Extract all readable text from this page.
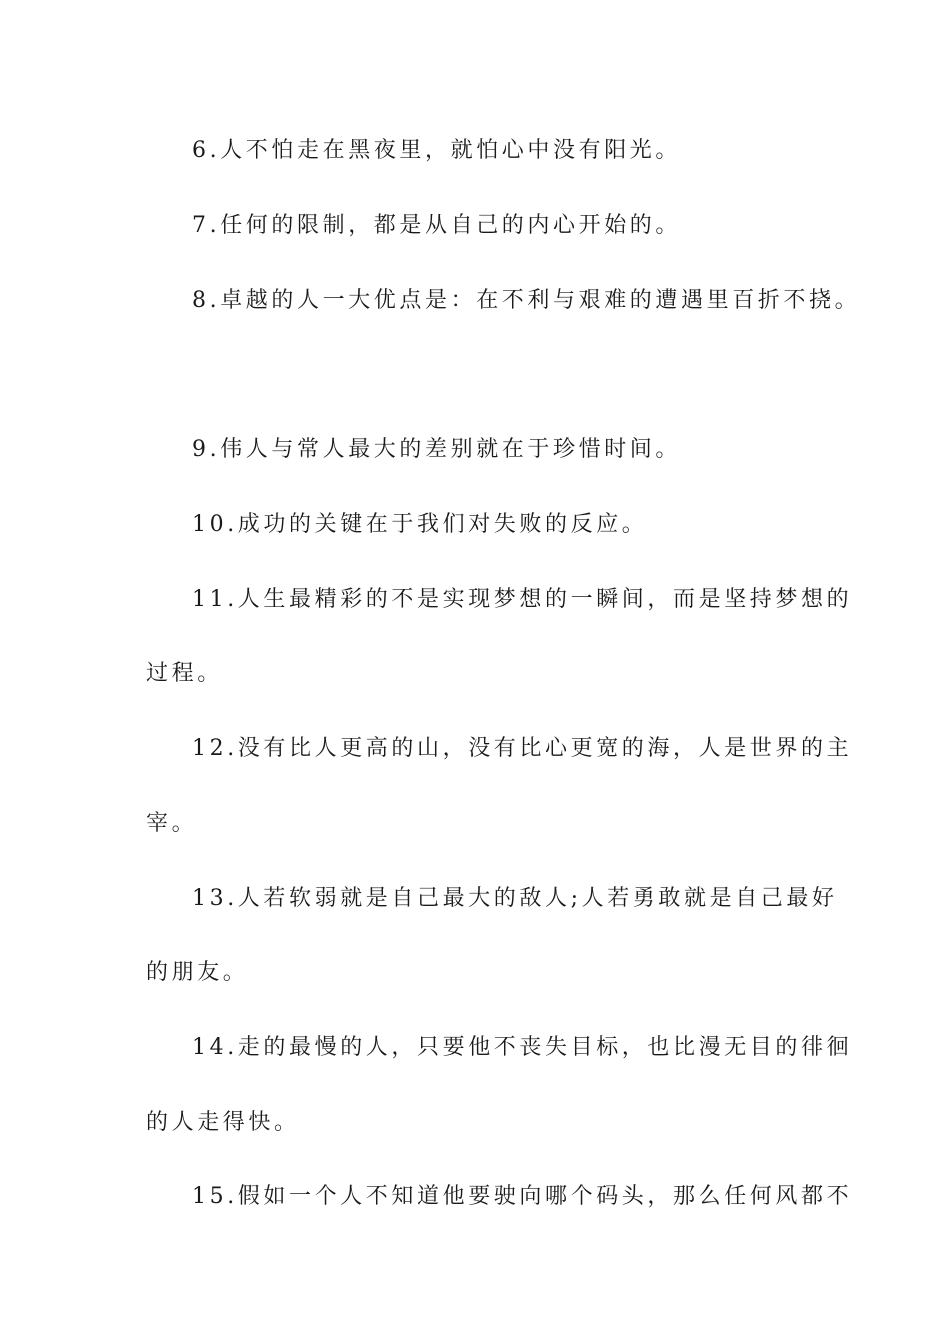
6.人不怕走在黑夜里，就怕心中没有阳光。
7.任何的限制，都是从自己的内心开始的。
8.卓越的人一大优点是：在不利与艰难的遭遇里百折不挠。
9.伟人与常人最大的差别就在于珍惜时间。
10.成功的关键在于我们对失败的反应。
11.人生最精彩的不是实现梦想的一瞬间，而是坚持梦想的
过程。
12.没有比人更高的山，没有比心更宽的海，人是世界的主
宰。
13.人若软弱就是自己最大的敌人;人若勇敢就是自己最好
的朋友。
14.走的最慢的人，只要他不丧失目标，也比漫无目的徘徊
的人走得快。
15.假如一个人不知道他要驶向哪个码头，那么任何风都不
